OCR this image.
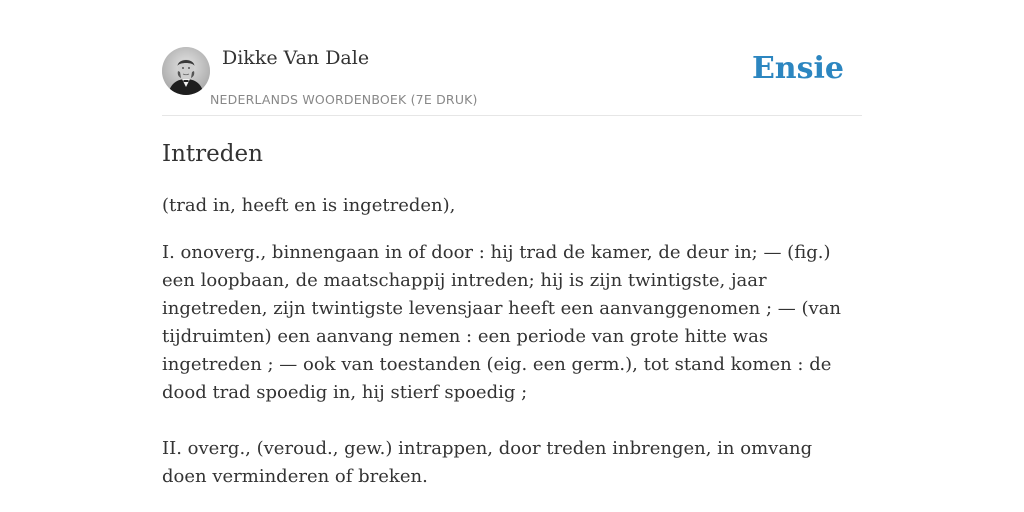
Dikke Van Dale
NEDERLANDS WOORDENBOEK (7E DRUK)
Ensie
Intreden

(trad in, heeft en is ingetreden),

I. onoverg., binnengaan in of door : hij trad de kamer, de deur in; — (fig.) een loopbaan, de maatschappij intreden; hij is zijn twintigste, jaar ingetreden, zijn twintigste levensjaar heeft een aanvanggenomen ; — (van tijdruimten) een aanvang nemen : een periode van grote hitte was ingetreden ; — ook van toestanden (eig. een germ.), tot stand komen : de dood trad spoedig in, hij stierf spoedig ;

II. overg., (veroud., gew.) intrappen, door treden inbrengen, in omvang doen verminderen of breken.
